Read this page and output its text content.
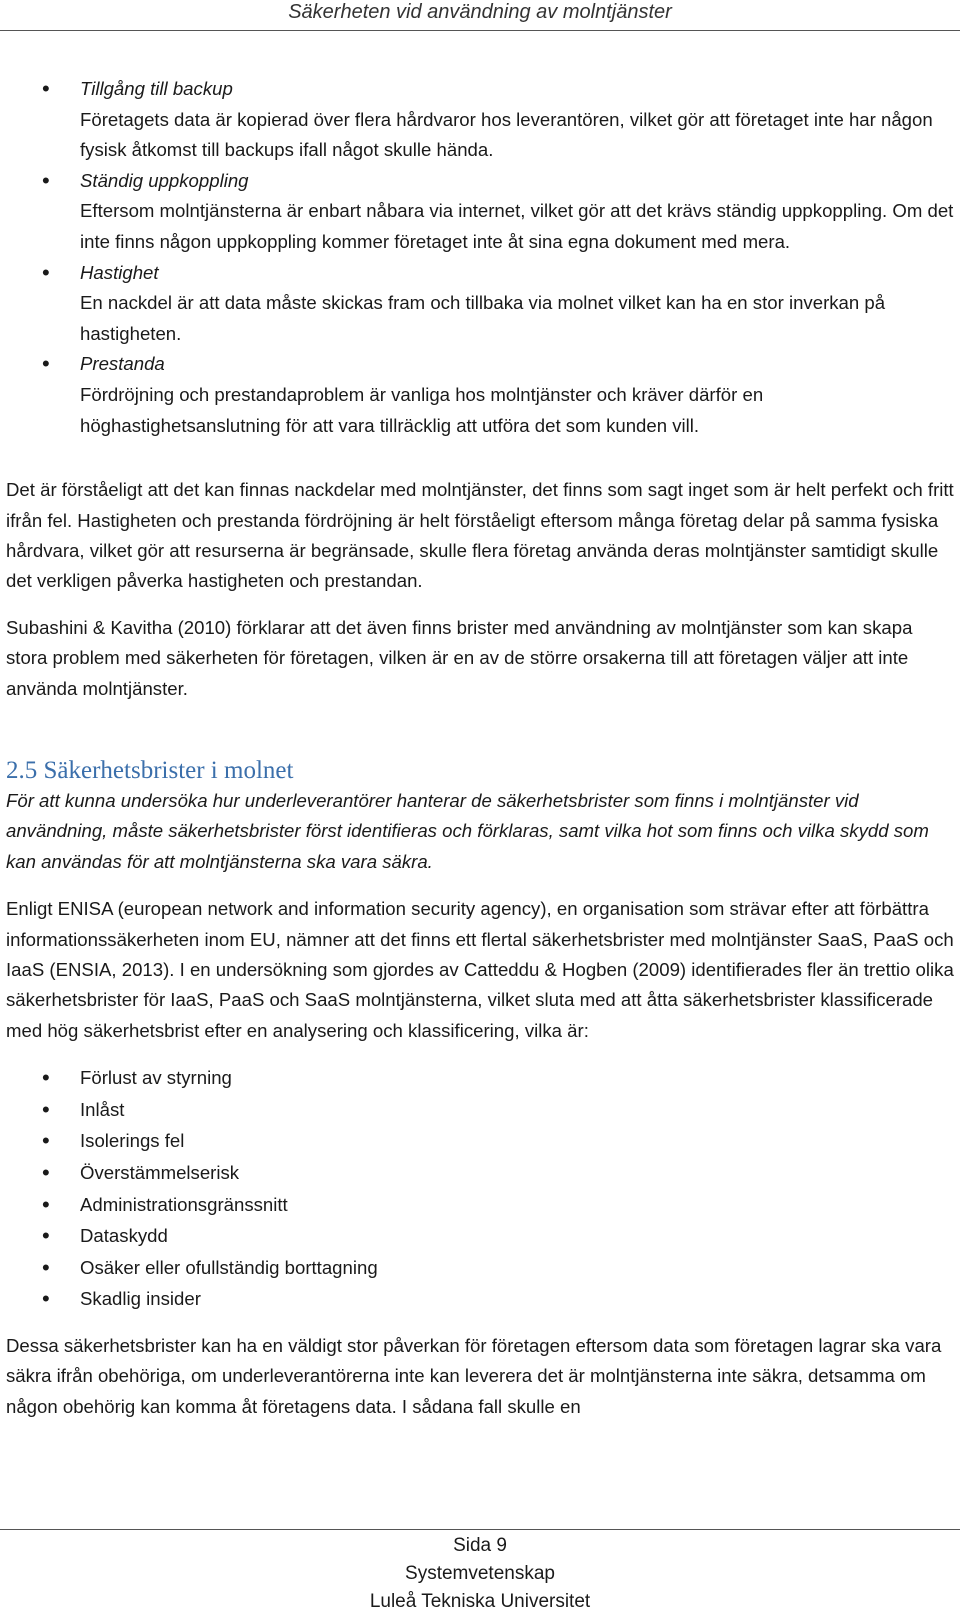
Säkerheten vid användning av molntjänster
• Tillgång till backup
Företagets data är kopierad över flera hårdvaror hos leverantören, vilket gör att företaget inte har någon fysisk åtkomst till backups ifall något skulle hända.
• Ständig uppkoppling
Eftersom molntjänsterna är enbart nåbara via internet, vilket gör att det krävs ständig uppkoppling. Om det inte finns någon uppkoppling kommer företaget inte åt sina egna dokument med mera.
• Hastighet
En nackdel är att data måste skickas fram och tillbaka via molnet vilket kan ha en stor inverkan på hastigheten.
• Prestanda
Fördröjning och prestandaproblem är vanliga hos molntjänster och kräver därför en höghastighetsanslutning för att vara tillräcklig att utföra det som kunden vill.

Det är förståeligt att det kan finnas nackdelar med molntjänster, det finns som sagt inget som är helt perfekt och fritt ifrån fel. Hastigheten och prestanda fördröjning är helt förståeligt eftersom många företag delar på samma fysiska hårdvara, vilket gör att resurserna är begränsade, skulle flera företag använda deras molntjänster samtidigt skulle det verkligen påverka hastigheten och prestandan.

Subashini & Kavitha (2010) förklarar att det även finns brister med användning av molntjänster som kan skapa stora problem med säkerheten för företagen, vilken är en av de större orsakerna till att företagen väljer att inte använda molntjänster.

2.5 Säkerhetsbrister i molnet

För att kunna undersöka hur underleverantörer hanterar de säkerhetsbrister som finns i molntjänster vid användning, måste säkerhetsbrister först identifieras och förklaras, samt vilka hot som finns och vilka skydd som kan användas för att molntjänsterna ska vara säkra.

Enligt ENISA (european network and information security agency), en organisation som strävar efter att förbättra informationssäkerheten inom EU, nämner att det finns ett flertal säkerhetsbrister med molntjänster SaaS, PaaS och IaaS (ENSIA, 2013). I en undersökning som gjordes av Catteddu & Hogben (2009) identifierades fler än trettio olika säkerhetsbrister för IaaS, PaaS och SaaS molntjänsterna, vilket sluta med att åtta säkerhetsbrister klassificerade med hög säkerhetsbrist efter en analysering och klassificering, vilka är:

• Förlust av styrning
• Inlåst
• Isolerings fel
• Överstämmelserisk
• Administrationsgränssnitt
• Dataskydd
• Osäker eller ofullständig borttagning
• Skadlig insider

Dessa säkerhetsbrister kan ha en väldigt stor påverkan för företagen eftersom data som företagen lagrar ska vara säkra ifrån obehöriga, om underleverantörerna inte kan leverera det är molntjänsterna inte säkra, detsamma om någon obehörig kan komma åt företagens data. I sådana fall skulle en

Sida 9
Systemvetenskap
Luleå Tekniska Universitet
